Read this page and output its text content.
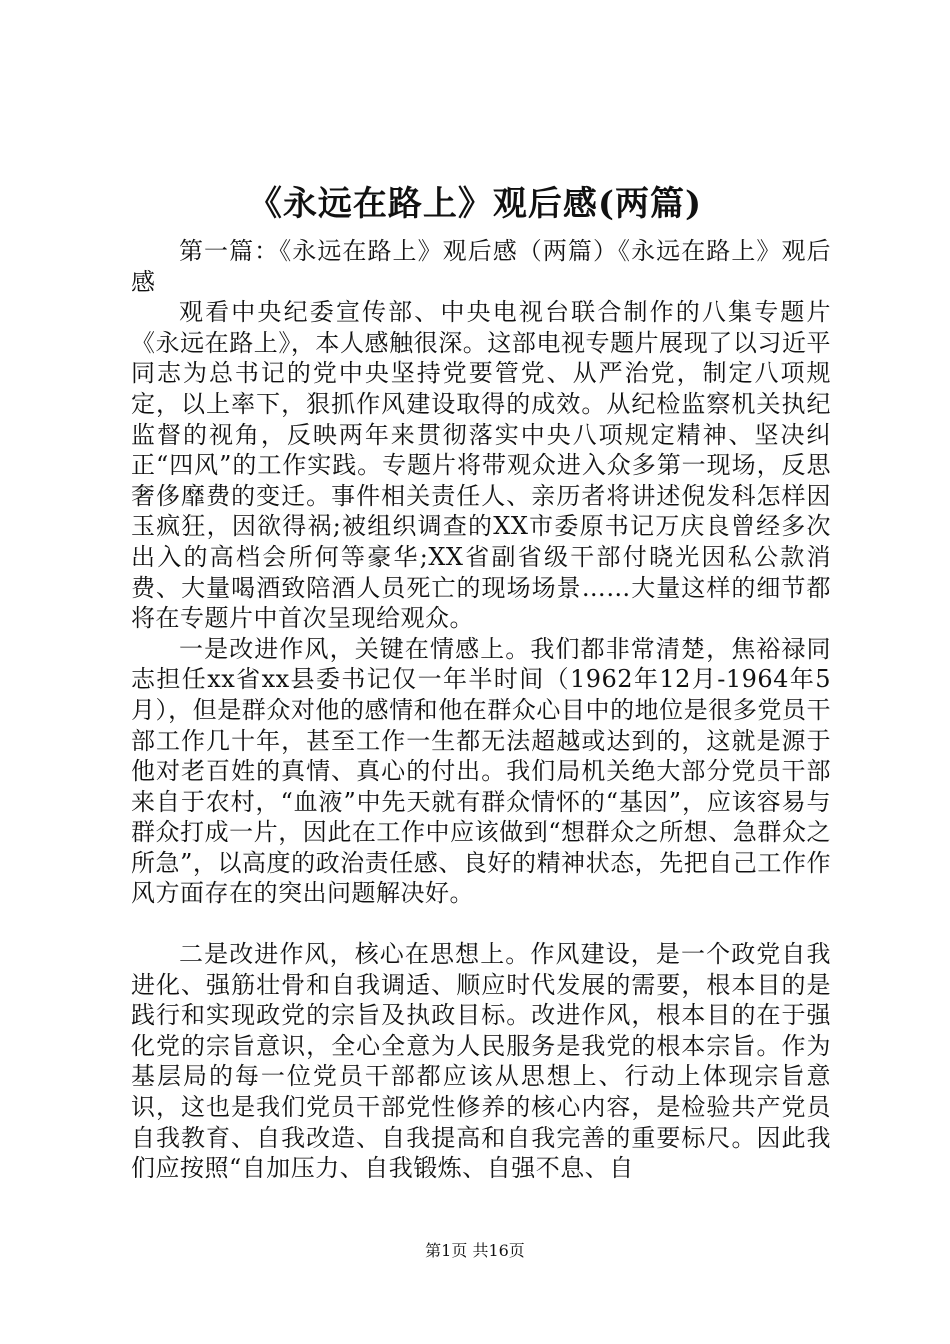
《永远在路上》观后感(两篇)

第一篇：《永远在路上》观后感（两篇）《永远在路上》观后感

观看中央纪委宣传部、中央电视台联合制作的八集专题片《永远在路上》，本人感触很深。这部电视专题片展现了以习近平同志为总书记的党中央坚持党要管党、从严治党，制定八项规定，以上率下，狠抓作风建设取得的成效。从纪检监察机关执纪监督的视角，反映两年来贯彻落实中央八项规定精神、坚决纠正“四风”的工作实践。专题片将带观众进入众多第一现场，反思奢侈靡费的变迁。事件相关责任人、亲历者将讲述倪发科怎样因玉疯狂，因欲得祸;被组织调查的XX市委原书记万庆良曾经多次出入的高档会所何等豪华;XX省副省级干部付晓光因私公款消费、大量喝酒致陪酒人员死亡的现场场景……大量这样的细节都将在专题片中首次呈现给观众。

一是改进作风，关键在情感上。我们都非常清楚，焦裕禄同志担任xx省xx县委书记仅一年半时间（1962年12月-1964年5月），但是群众对他的感情和他在群众心目中的地位是很多党员干部工作几十年，甚至工作一生都无法超越或达到的，这就是源于他对老百姓的真情、真心的付出。我们局机关绝大部分党员干部来自于农村，“血液”中先天就有群众情怀的“基因”，应该容易与群众打成一片，因此在工作中应该做到“想群众之所想、急群众之所急”，以高度的政治责任感、良好的精神状态，先把自己工作作风方面存在的突出问题解决好。

二是改进作风，核心在思想上。作风建设，是一个政党自我进化、强筋壮骨和自我调适、顺应时代发展的需要，根本目的是践行和实现政党的宗旨及执政目标。改进作风，根本目的在于强化党的宗旨意识，全心全意为人民服务是我党的根本宗旨。作为基层局的每一位党员干部都应该从思想上、行动上体现宗旨意识，这也是我们党员干部党性修养的核心内容，是检验共产党员自我教育、自我改造、自我提高和自我完善的重要标尺。因此我们应按照“自加压力、自我锻炼、自强不息、自

第1页 共16页
